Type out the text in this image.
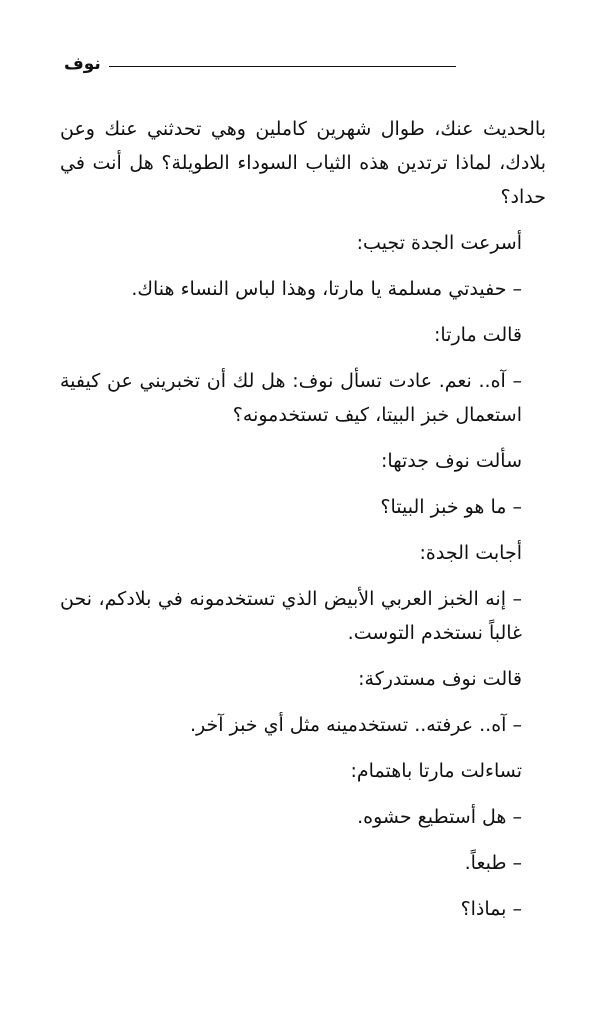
نوف

بالحديث عنك، طوال شهرين كاملين وهي تحدثني عنك وعن بلادك، لماذا ترتدين هذه الثياب السوداء الطويلة؟ هل أنت في حداد؟

أسرعت الجدة تجيب:

– حفيدتي مسلمة يا مارتا، وهذا لباس النساء هناك.

قالت مارتا:

– آه.. نعم. عادت تسأل نوف: هل لك أن تخبريني عن كيفية استعمال خبز البيتا، كيف تستخدمونه؟

سألت نوف جدتها:

– ما هو خبز البيتا؟

أجابت الجدة:

– إنه الخبز العربي الأبيض الذي تستخدمونه في بلادكم، نحن غالباً نستخدم التوست.

قالت نوف مستدركة:

– آه.. عرفته.. تستخدمينه مثل أي خبز آخر.

تساءلت مارتا باهتمام:

– هل أستطيع حشوه.

– طبعاً.

– بماذا؟
